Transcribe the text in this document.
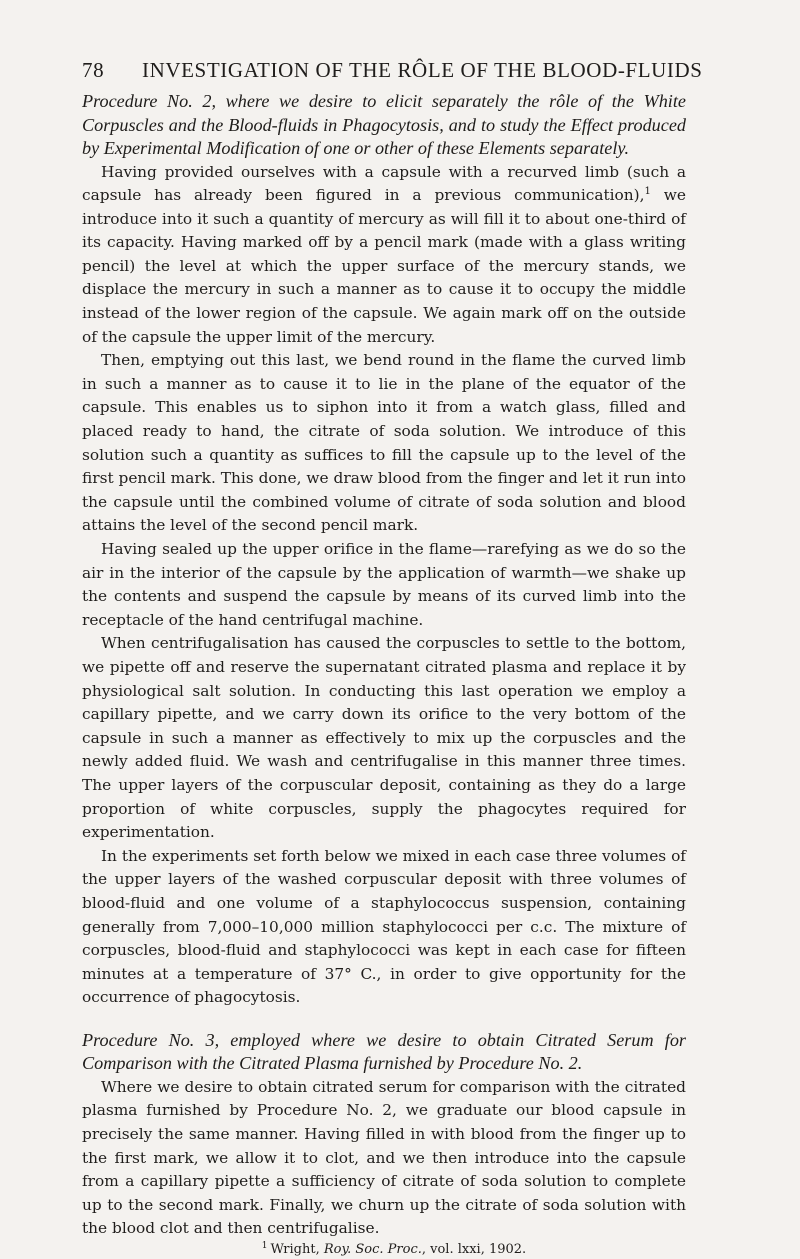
78	INVESTIGATION OF THE RÔLE OF THE BLOOD-FLUIDS

Procedure No. 2, where we desire to elicit separately the rôle of the White Corpuscles and the Blood-fluids in Phagocytosis, and to study the Effect produced by Experimental Modification of one or other of these Elements separately.

Having provided ourselves with a capsule with a recurved limb (such a capsule has already been figured in a previous communication),$^1$ we introduce into it such a quantity of mercury as will fill it to about one-third of its capacity. Having marked off by a pencil mark (made with a glass writing pencil) the level at which the upper surface of the mercury stands, we displace the mercury in such a manner as to cause it to occupy the middle instead of the lower region of the capsule. We again mark off on the outside of the capsule the upper limit of the mercury.

Then, emptying out this last, we bend round in the flame the curved limb in such a manner as to cause it to lie in the plane of the equator of the capsule. This enables us to siphon into it from a watch glass, filled and placed ready to hand, the citrate of soda solution. We introduce of this solution such a quantity as suffices to fill the capsule up to the level of the first pencil mark. This done, we draw blood from the finger and let it run into the capsule until the combined volume of citrate of soda solution and blood attains the level of the second pencil mark.

Having sealed up the upper orifice in the flame—rarefying as we do so the air in the interior of the capsule by the application of warmth—we shake up the contents and suspend the capsule by means of its curved limb into the receptacle of the hand centrifugal machine.

When centrifugalisation has caused the corpuscles to settle to the bottom, we pipette off and reserve the supernatant citrated plasma and replace it by physiological salt solution. In conducting this last operation we employ a capillary pipette, and we carry down its orifice to the very bottom of the capsule in such a manner as effectively to mix up the corpuscles and the newly added fluid. We wash and centrifugalise in this manner three times. The upper layers of the corpuscular deposit, containing as they do a large proportion of white corpuscles, supply the phagocytes required for experimentation.

In the experiments set forth below we mixed in each case three volumes of the upper layers of the washed corpuscular deposit with three volumes of blood-fluid and one volume of a staphylococcus suspension, containing generally from 7,000–10,000 million staphylococci per c.c. The mixture of corpuscles, blood-fluid and staphylococci was kept in each case for fifteen minutes at a temperature of 37° C., in order to give opportunity for the occurrence of phagocytosis.

Procedure No. 3, employed where we desire to obtain Citrated Serum for Comparison with the Citrated Plasma furnished by Procedure No. 2.

Where we desire to obtain citrated serum for comparison with the citrated plasma furnished by Procedure No. 2, we graduate our blood capsule in precisely the same manner. Having filled in with blood from the finger up to the first mark, we allow it to clot, and we then introduce into the capsule from a capillary pipette a sufficiency of citrate of soda solution to complete up to the second mark. Finally, we churn up the citrate of soda solution with the blood clot and then centrifugalise.

$^1$ Wright, Roy. Soc. Proc., vol. lxxi, 1902.
